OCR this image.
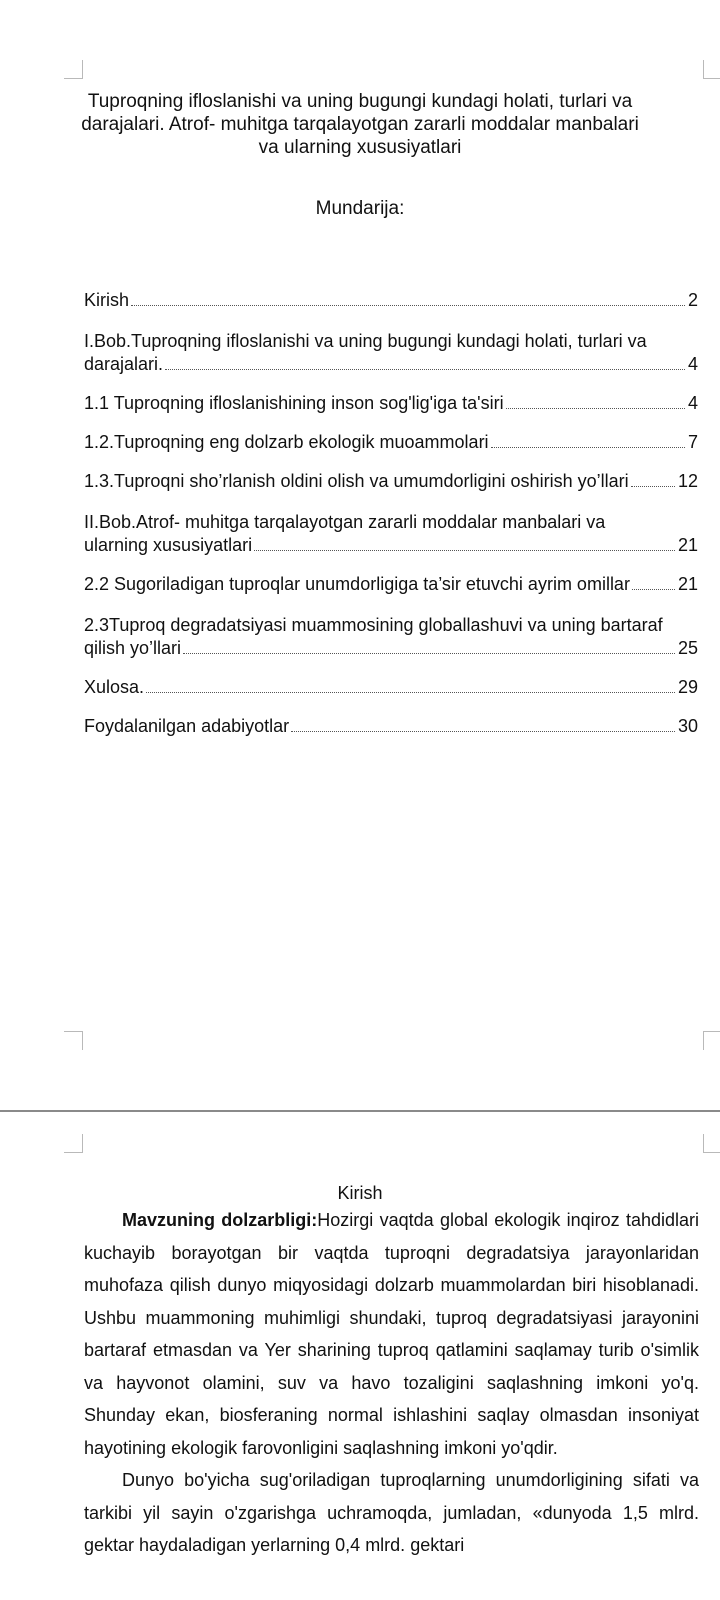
Tuproqning ifloslanishi va uning bugungi kundagi holati, turlari va darajalari. Atrof- muhitga tarqalayotgan zararli moddalar manbalari va ularning xususiyatlari
Mundarija:
Kirish	2
I.Bob.Tuproqning ifloslanishi va uning bugungi kundagi holati, turlari va
darajalari.	4
1.1 Tuproqning ifloslanishining inson sog'lig'iga ta'siri	4
1.2.Tuproqning eng dolzarb ekologik muoammolari	7
1.3.Tuproqni sho’rlanish oldini olish va umumdorligini oshirish yo’llari	12
II.Bob.Atrof- muhitga tarqalayotgan zararli moddalar manbalari va
ularning xususiyatlari	21
2.2 Sugoriladigan tuproqlar unumdorligiga ta’sir etuvchi ayrim omillar	21
2.3Tuproq degradatsiyasi muammosining globallashuvi va uning bartaraf
qilish yo’llari	25
Xulosa.	29
Foydalanilgan adabiyotlar	30
Kirish

Mavzuning dolzarbligi:Hozirgi vaqtda global ekologik inqiroz tahdidlari kuchayib borayotgan bir vaqtda tuproqni degradatsiya jarayonlaridan muhofaza qilish dunyo miqyosidagi dolzarb muammolardan biri hisoblanadi. Ushbu muammoning muhimligi shundaki, tuproq degradatsiyasi jarayonini bartaraf etmasdan va Yer sharining tuproq qatlamini saqlamay turib o'simlik va hayvonot olamini, suv va havo tozaligini saqlashning imkoni yo'q. Shunday ekan, biosferaning normal ishlashini saqlay olmasdan insoniyat hayotining ekologik farovonligini saqlashning imkoni yo'qdir.

Dunyo bo'yicha sug'oriladigan tuproqlarning unumdorligining sifati va tarkibi yil sayin o'zgarishga uchramoqda, jumladan, «dunyoda 1,5 mlrd. gektar haydaladigan yerlarning 0,4 mlrd. gektari
